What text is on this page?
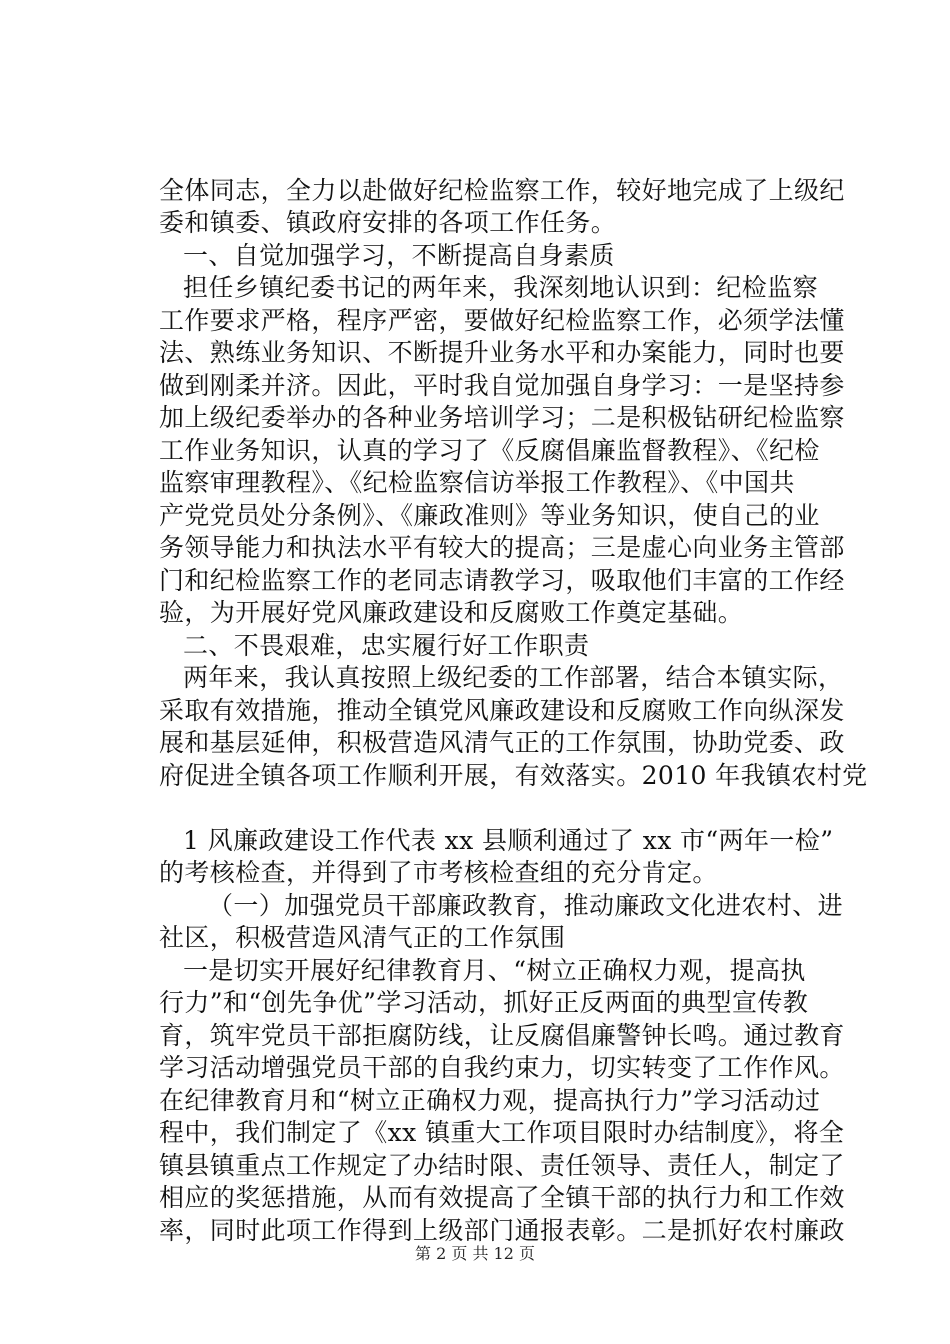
全体同志，全力以赴做好纪检监察工作，较好地完成了上级纪
委和镇委、镇政府安排的各项工作任务。
一、自觉加强学习，不断提高自身素质
担任乡镇纪委书记的两年来，我深刻地认识到：纪检监察
工作要求严格，程序严密，要做好纪检监察工作，必须学法懂
法、熟练业务知识、不断提升业务水平和办案能力，同时也要
做到刚柔并济。因此，平时我自觉加强自身学习：一是坚持参
加上级纪委举办的各种业务培训学习；二是积极钻研纪检监察
工作业务知识，认真的学习了《反腐倡廉监督教程》、《纪检
监察审理教程》、《纪检监察信访举报工作教程》、《中国共
产党党员处分条例》、《廉政准则》等业务知识，使自己的业
务领导能力和执法水平有较大的提高；三是虚心向业务主管部
门和纪检监察工作的老同志请教学习，吸取他们丰富的工作经
验，为开展好党风廉政建设和反腐败工作奠定基础。
二、不畏艰难，忠实履行好工作职责
两年来，我认真按照上级纪委的工作部署，结合本镇实际，
采取有效措施，推动全镇党风廉政建设和反腐败工作向纵深发
展和基层延伸，积极营造风清气正的工作氛围，协助党委、政
府促进全镇各项工作顺利开展，有效落实。2010 年我镇农村党
1 风廉政建设工作代表 xx 县顺利通过了 xx 市“两年一检”
的考核检查，并得到了市考核检查组的充分肯定。
（一）加强党员干部廉政教育，推动廉政文化进农村、进
社区，积极营造风清气正的工作氛围
一是切实开展好纪律教育月、“树立正确权力观，提高执
行力”和“创先争优”学习活动，抓好正反两面的典型宣传教
育，筑牢党员干部拒腐防线，让反腐倡廉警钟长鸣。通过教育
学习活动增强党员干部的自我约束力，切实转变了工作作风。
在纪律教育月和“树立正确权力观，提高执行力”学习活动过
程中，我们制定了《xx 镇重大工作项目限时办结制度》，将全
镇县镇重点工作规定了办结时限、责任领导、责任人，制定了
相应的奖惩措施，从而有效提高了全镇干部的执行力和工作效
率，同时此项工作得到上级部门通报表彰。二是抓好农村廉政
第 2 页 共 12 页
